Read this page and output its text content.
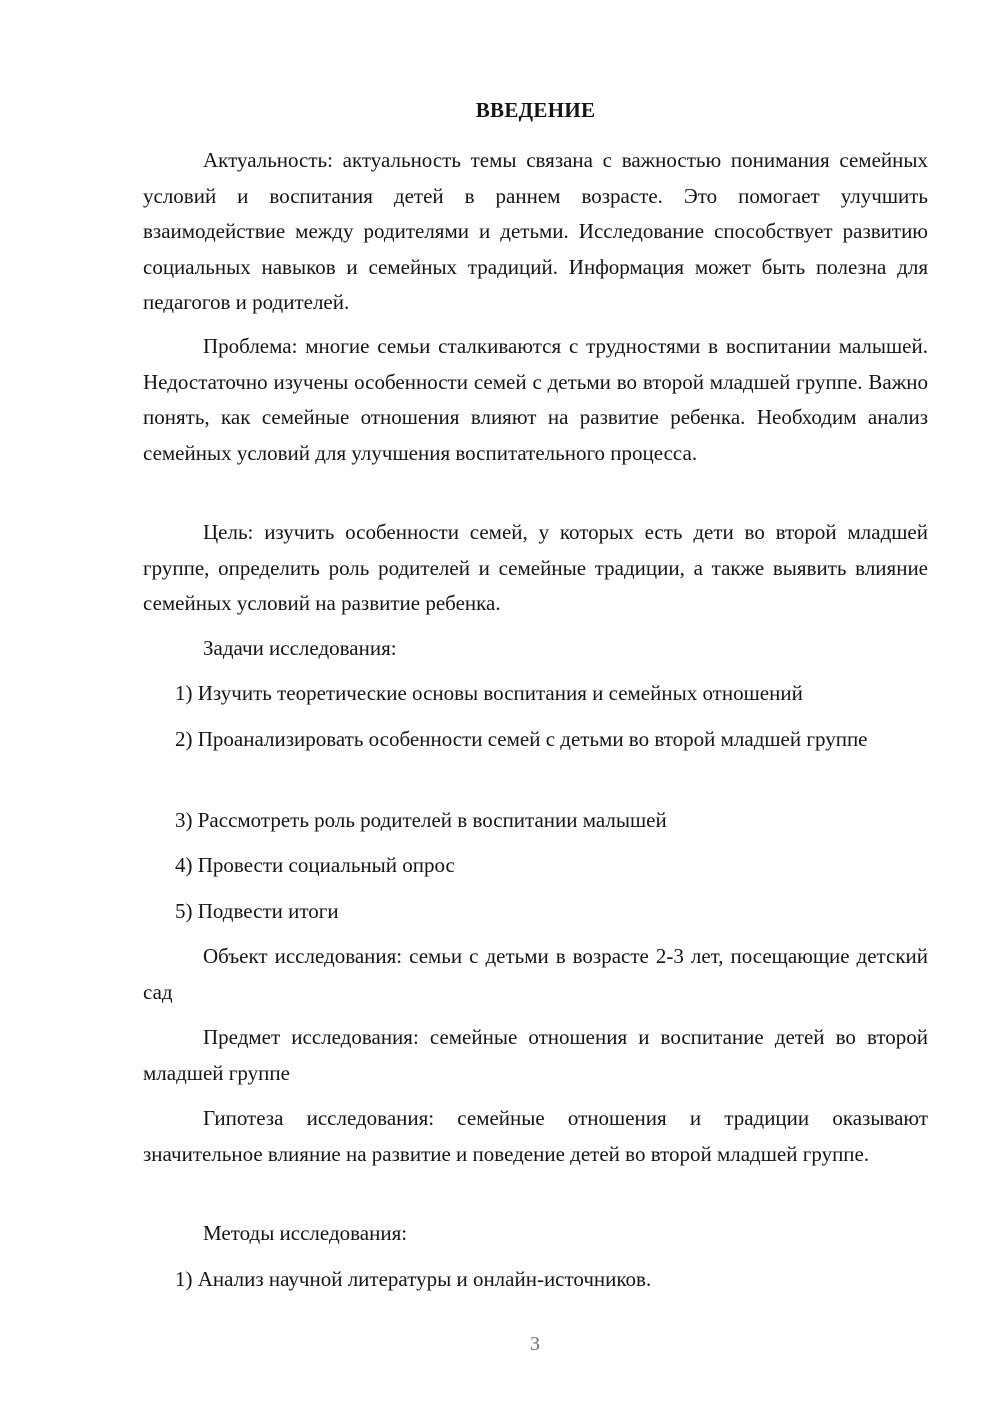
ВВЕДЕНИЕ

Актуальность: актуальность темы связана с важностью понимания семейных условий и воспитания детей в раннем возрасте. Это помогает улучшить взаимодействие между родителями и детьми. Исследование способствует развитию социальных навыков и семейных традиций. Информация может быть полезна для педагогов и родителей.

Проблема: многие семьи сталкиваются с трудностями в воспитании малышей. Недостаточно изучены особенности семей с детьми во второй младшей группе. Важно понять, как семейные отношения влияют на развитие ребенка. Необходим анализ семейных условий для улучшения воспитательного процесса.

Цель: изучить особенности семей, у которых есть дети во второй младшей группе, определить роль родителей и семейные традиции, а также выявить влияние семейных условий на развитие ребенка.

Задачи исследования:

1) Изучить теоретические основы воспитания и семейных отношений

2) Проанализировать особенности семей с детьми во второй младшей группе

3) Рассмотреть роль родителей в воспитании малышей

4) Провести социальный опрос

5) Подвести итоги

Объект исследования: семьи с детьми в возрасте 2-3 лет, посещающие детский сад

Предмет исследования: семейные отношения и воспитание детей во второй младшей группе

Гипотеза исследования: семейные отношения и традиции оказывают значительное влияние на развитие и поведение детей во второй младшей группе.

Методы исследования:

1) Анализ научной литературы и онлайн-источников.

3
